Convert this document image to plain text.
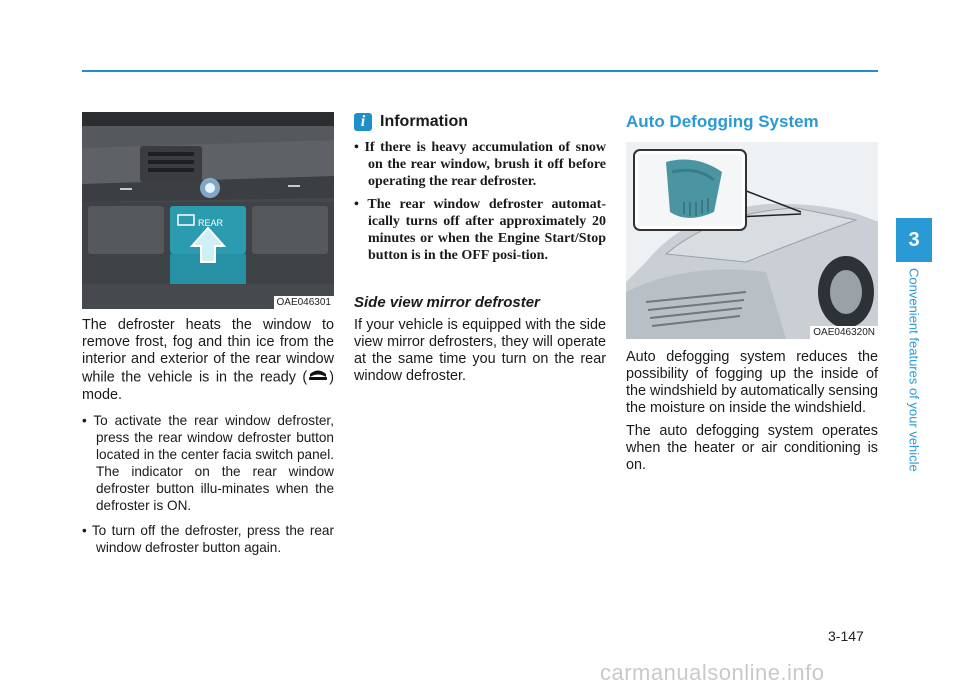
REAR
OAE046301

The defroster heats the window to remove frost, fog and thin ice from the interior and exterior of the rear window while the vehicle is in the ready ( ) mode.

• To activate the rear window defroster, press the rear window defroster button located in the center facia switch panel. The indicator on the rear window defroster button illu-minates when the defroster is ON.
• To turn off the defroster, press the rear window defroster button again.
i Information
• If there is heavy accumulation of snow on the rear window, brush it off before operating the rear defroster.
• The rear window defroster automat-ically turns off after approximately 20 minutes or when the Engine Start/Stop button is in the OFF posi-tion.
Side view mirror defroster

If your vehicle is equipped with the side view mirror defrosters, they will operate at the same time you turn on the rear window defroster.

Auto Defogging System
OAE046320N

Auto defogging system reduces the possibility of fogging up the inside of the windshield by automatically sensing the moisture on inside the windshield.

The auto defogging system operates when the heater or air conditioning is on.

3
Convenient features of your vehicle
3-147
carmanualsonline.info
